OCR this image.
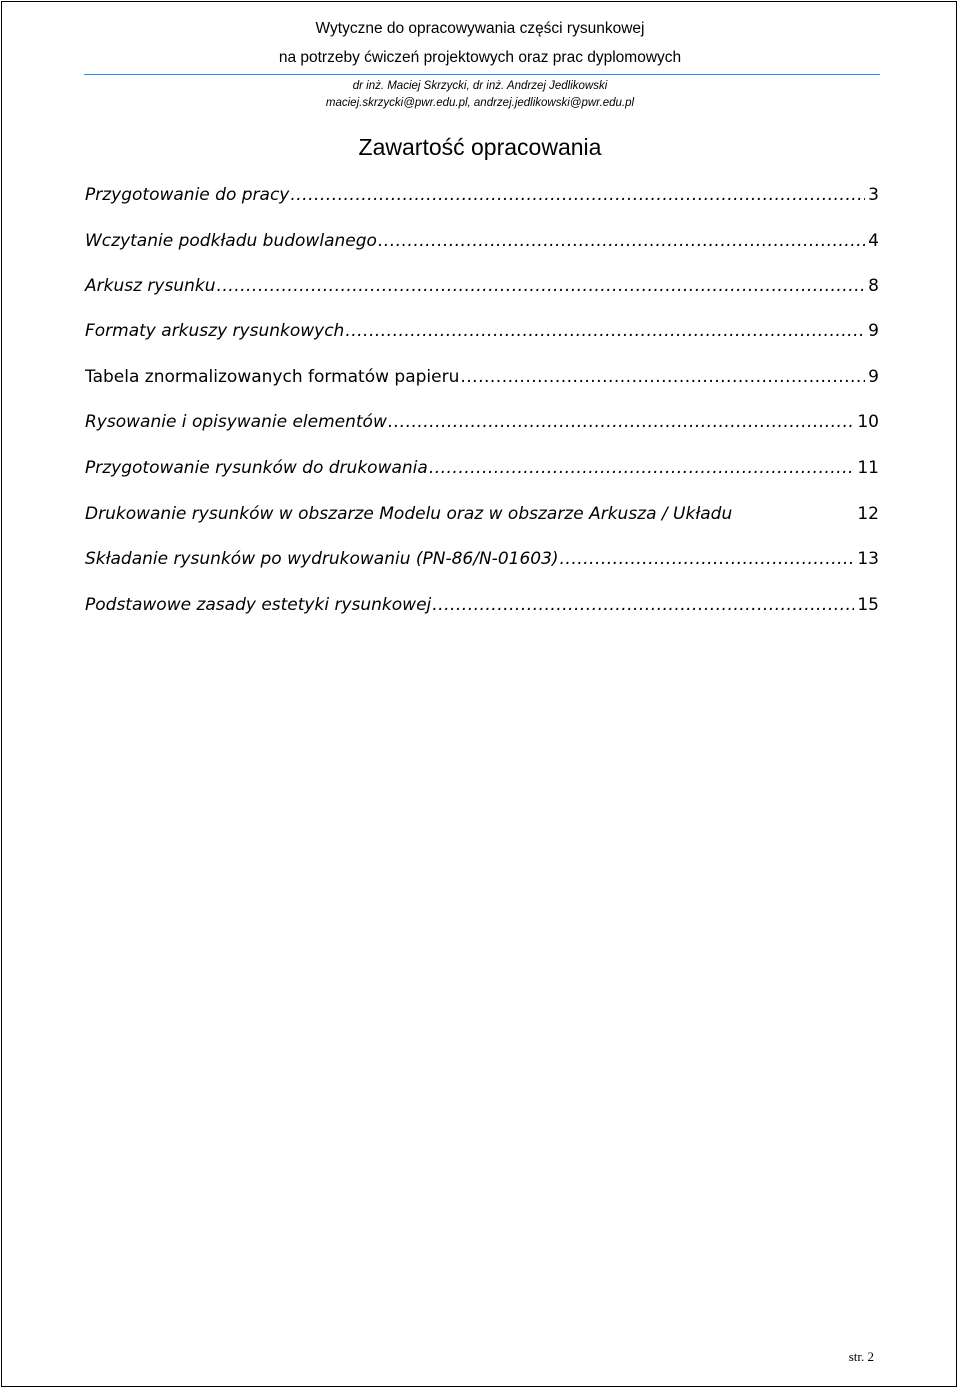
Wytyczne do opracowywania części rysunkowej
na potrzeby ćwiczeń projektowych oraz prac dyplomowych
dr inż. Maciej Skrzycki, dr inż. Andrzej Jedlikowski
maciej.skrzycki@pwr.edu.pl, andrzej.jedlikowski@pwr.edu.pl
Zawartość opracowania
Przygotowanie do pracy .....	3
Wczytanie podkładu budowlanego .....	4
Arkusz rysunku .....	8
Formaty arkuszy rysunkowych .....	9
Tabela znormalizowanych formatów papieru .....	9
Rysowanie i opisywanie elementów .....	10
Przygotowanie rysunków do drukowania .....	11
Drukowanie rysunków w obszarze Modelu oraz w obszarze Arkusza / Układu	12
Składanie rysunków po wydrukowaniu (PN-86/N-01603) .....	13
Podstawowe zasady estetyki rysunkowej .....	15
str. 2
